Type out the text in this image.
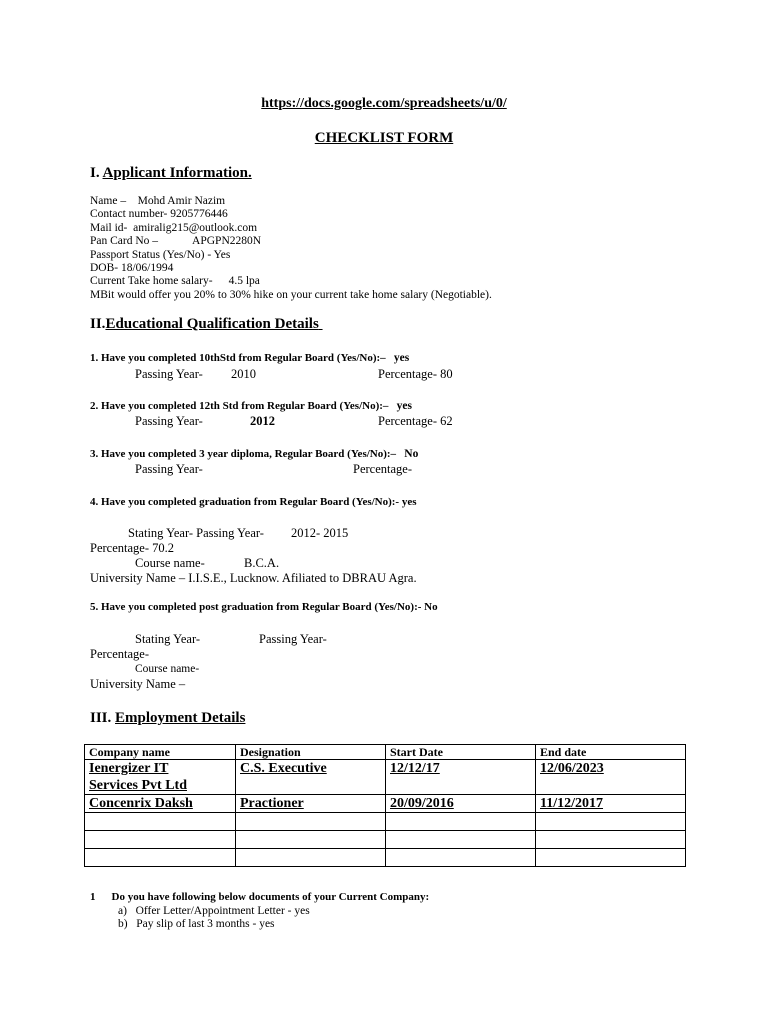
https://docs.google.com/spreadsheets/u/0/
CHECKLIST FORM
I. Applicant Information.
Name – Mohd Amir Nazim
Contact number- 9205776446
Mail id- amiralig215@outlook.com
Pan Card No –	APGPN2280N
Passport Status (Yes/No) - Yes
DOB- 18/06/1994
Current Take home salary- 4.5 lpa
MBit would offer you 20% to 30% hike on your current take home salary (Negotiable).
II.Educational Qualification Details
1. Have you completed 10thStd from Regular Board (Yes/No):– yes
Passing Year- 2010	Percentage- 80
2. Have you completed 12th Std from Regular Board (Yes/No):– yes
Passing Year-	2012	Percentage- 62
3. Have you completed 3 year diploma, Regular Board (Yes/No):– No
Passing Year-	Percentage-
4. Have you completed graduation from Regular Board (Yes/No):- yes
Stating Year- Passing Year- 2012- 2015
Percentage- 70.2
Course name-	B.C.A.
University Name – I.I.S.E., Lucknow. Afiliated to DBRAU Agra.
5. Have you completed post graduation from Regular Board (Yes/No):- No
Stating Year-	Passing Year-
Percentage-
Course name-
University Name –
III. Employment Details
Company name	Designation	Start Date	End date

Ienergizer IT
Services Pvt Ltd	C.S. Executive	12/12/17	12/06/2023
Concenrix Daksh	Practioner	20/09/2016	11/12/2017

1 Do you have following below documents of your Current Company:
a) Offer Letter/Appointment Letter - yes
b) Pay slip of last 3 months - yes
